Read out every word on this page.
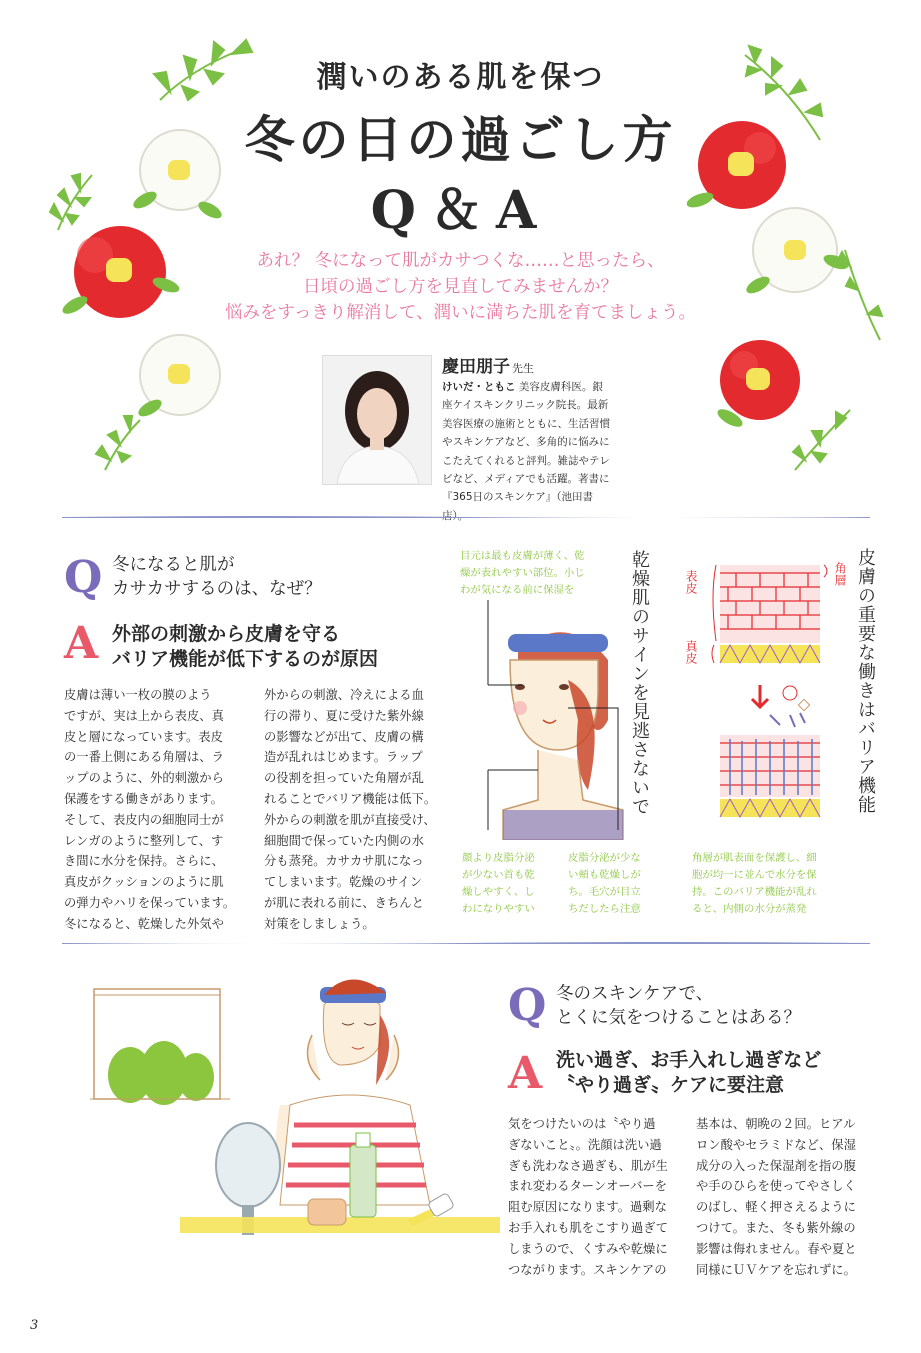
潤いのある肌を保つ
冬の日の過ごし方
Q＆A
あれ？ 冬になって肌がカサつくな……と思ったら、
日頃の過ごし方を見直してみませんか？
悩みをすっきり解消して、潤いに満ちた肌を育てましょう。
慶田朋子 先生
けいだ・ともこ 美容皮膚科医。銀
座ケイスキンクリニック院長。最新
美容医療の施術とともに、生活習慣
やスキンケアなど、多角的に悩みに
こたえてくれると評判。雑誌やテレ
ビなど、メディアでも活躍。著書に
『365日のスキンケア』（池田書店）。
Q 冬になると肌が
カサカサするのは、なぜ？
A 外部の刺激から皮膚を守る
バリア機能が低下するのが原因
皮膚は薄い一枚の膜のよう
ですが、実は上から表皮、真
皮と層になっています。表皮
の一番上側にある角層は、ラ
ップのように、外的刺激から
保護をする働きがあります。
そして、表皮内の細胞同士が
レンガのように整列して、す
き間に水分を保持。さらに、
真皮がクッションのように肌
の弾力やハリを保っています。
冬になると、乾燥した外気や
外からの刺激、冷えによる血
行の滞り、夏に受けた紫外線
の影響などが出て、皮膚の構
造が乱れはじめます。ラップ
の役割を担っていた角層が乱
れることでバリア機能は低下。
外からの刺激を肌が直接受け、
細胞間で保っていた内側の水
分も蒸発。カサカサ肌になっ
てしまいます。乾燥のサイン
が肌に表れる前に、きちんと
対策をしましょう。
目元は最も皮膚が薄く、乾
燥が表れやすい部位。小じ
わが気になる前に保湿を
顔より皮脂分泌
が少ない首も乾
燥しやすく、し
わになりやすい
皮脂分泌が少な
い頬も乾燥しが
ち。毛穴が目立
ちだしたら注意
乾燥肌のサインを見逃さないで	角層
表皮
真皮
角層が肌表面を保護し、細
胞が均一に並んで水分を保
持。このバリア機能が乱れ
ると、内側の水分が蒸発
皮膚の重要な働きはバリア機能
Q 冬のスキンケアで、
とくに気をつけることはある？
A 洗い過ぎ、お手入れし過ぎなど
〝やり過ぎ〟ケアに要注意
気をつけたいのは〝やり過
ぎないこと〟。洗顔は洗い過
ぎも洗わなさ過ぎも、肌が生
まれ変わるターンオーバーを
阻む原因になります。過剰な
お手入れも肌をこすり過ぎて
しまうので、くすみや乾燥に
つながります。スキンケアの
基本は、朝晩の２回。ヒアル
ロン酸やセラミドなど、保湿
成分の入った保湿剤を指の腹
や手のひらを使ってやさしく
のばし、軽く押さえるように
つけて。また、冬も紫外線の
影響は侮れません。春や夏と
同様にＵＶケアを忘れずに。
3
